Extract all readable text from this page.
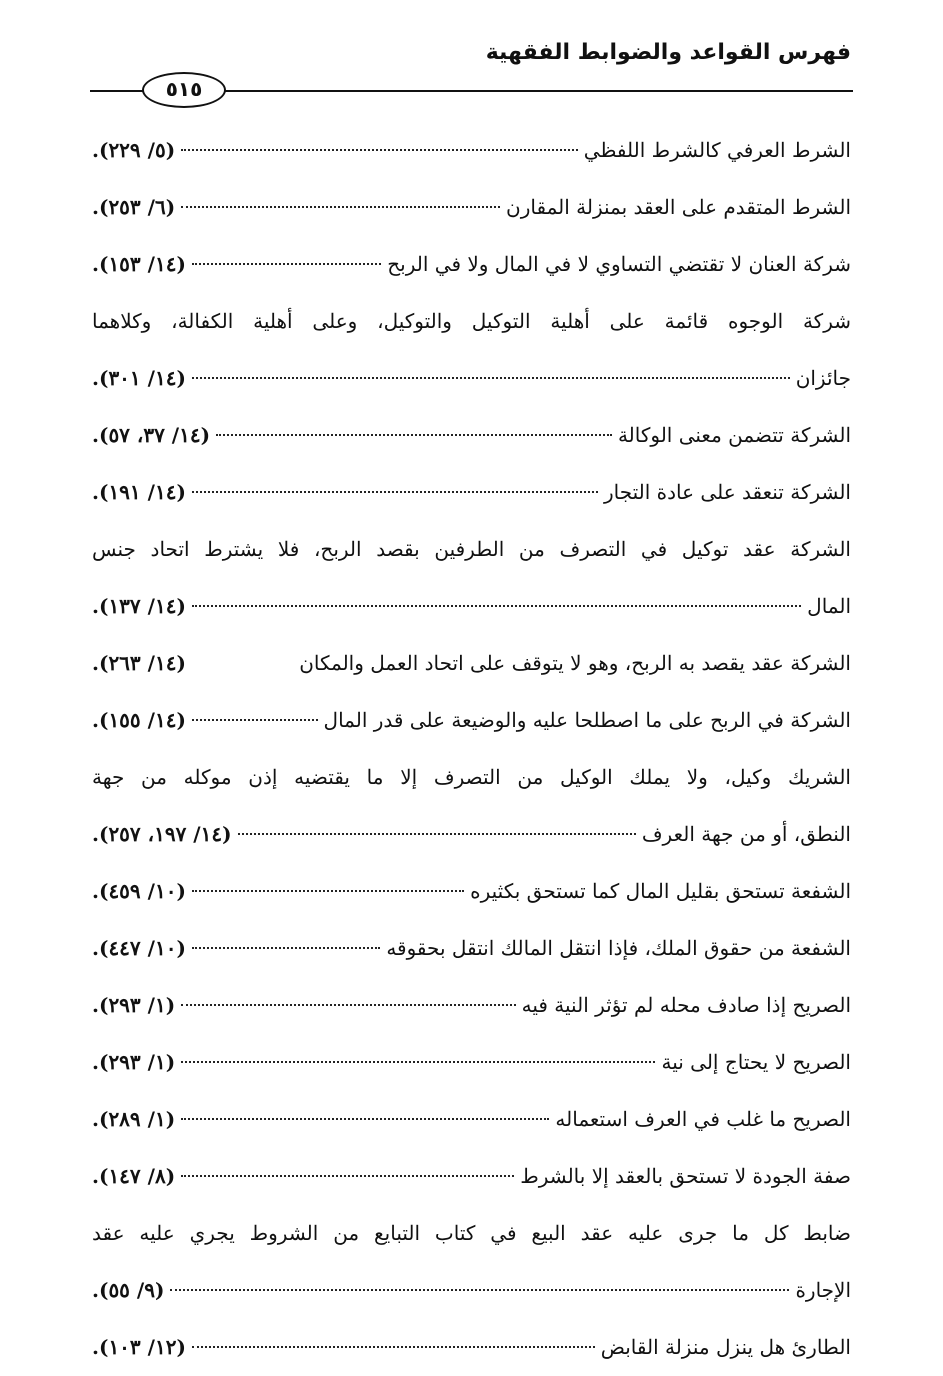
فهرس القواعد والضوابط الفقهية
٥١٥
الشرط العرفي كالشرط اللفظي
(٥/ ٢٢٩).
الشرط المتقدم على العقد بمنزلة المقارن
(٦/ ٢٥٣).
شركة العنان لا تقتضي التساوي لا في المال ولا في الربح
(١٤/ ١٥٣).
شركة الوجوه قائمة على أهلية التوكيل والتوكيل، وعلى أهلية الكفالة، وكلاهما
جائزان
(١٤/ ٣٠١).
الشركة تتضمن معنى الوكالة
(١٤/ ٣٧، ٥٧).
الشركة تنعقد على عادة التجار
(١٤/ ١٩١).
الشركة عقد توكيل في التصرف من الطرفين بقصد الربح، فلا يشترط اتحاد جنس
المال
(١٤/ ١٣٧).
الشركة عقد يقصد به الربح، وهو لا يتوقف على اتحاد العمل والمكان
(١٤/ ٢٦٣).
الشركة في الربح على ما اصطلحا عليه والوضيعة على قدر المال
(١٤/ ١٥٥).
الشريك وكيل، ولا يملك الوكيل من التصرف إلا ما يقتضيه إذن موكله من جهة
النطق، أو من جهة العرف
(١٤/ ١٩٧، ٢٥٧).
الشفعة تستحق بقليل المال كما تستحق بكثيره
(١٠/ ٤٥٩).
الشفعة من حقوق الملك، فإذا انتقل المالك انتقل بحقوقه
(١٠/ ٤٤٧).
الصريح إذا صادف محله لم تؤثر النية فيه
(١/ ٢٩٣).
الصريح لا يحتاج إلى نية
(١/ ٢٩٣).
الصريح ما غلب في العرف استعماله
(١/ ٢٨٩).
صفة الجودة لا تستحق بالعقد إلا بالشرط
(٨/ ١٤٧).
ضابط كل ما جرى عليه عقد البيع في كتاب التبايع من الشروط يجري عليه عقد
الإجارة
(٩/ ٥٥).
الطارئ هل ينزل منزلة القابض
(١٢/ ١٠٣).
